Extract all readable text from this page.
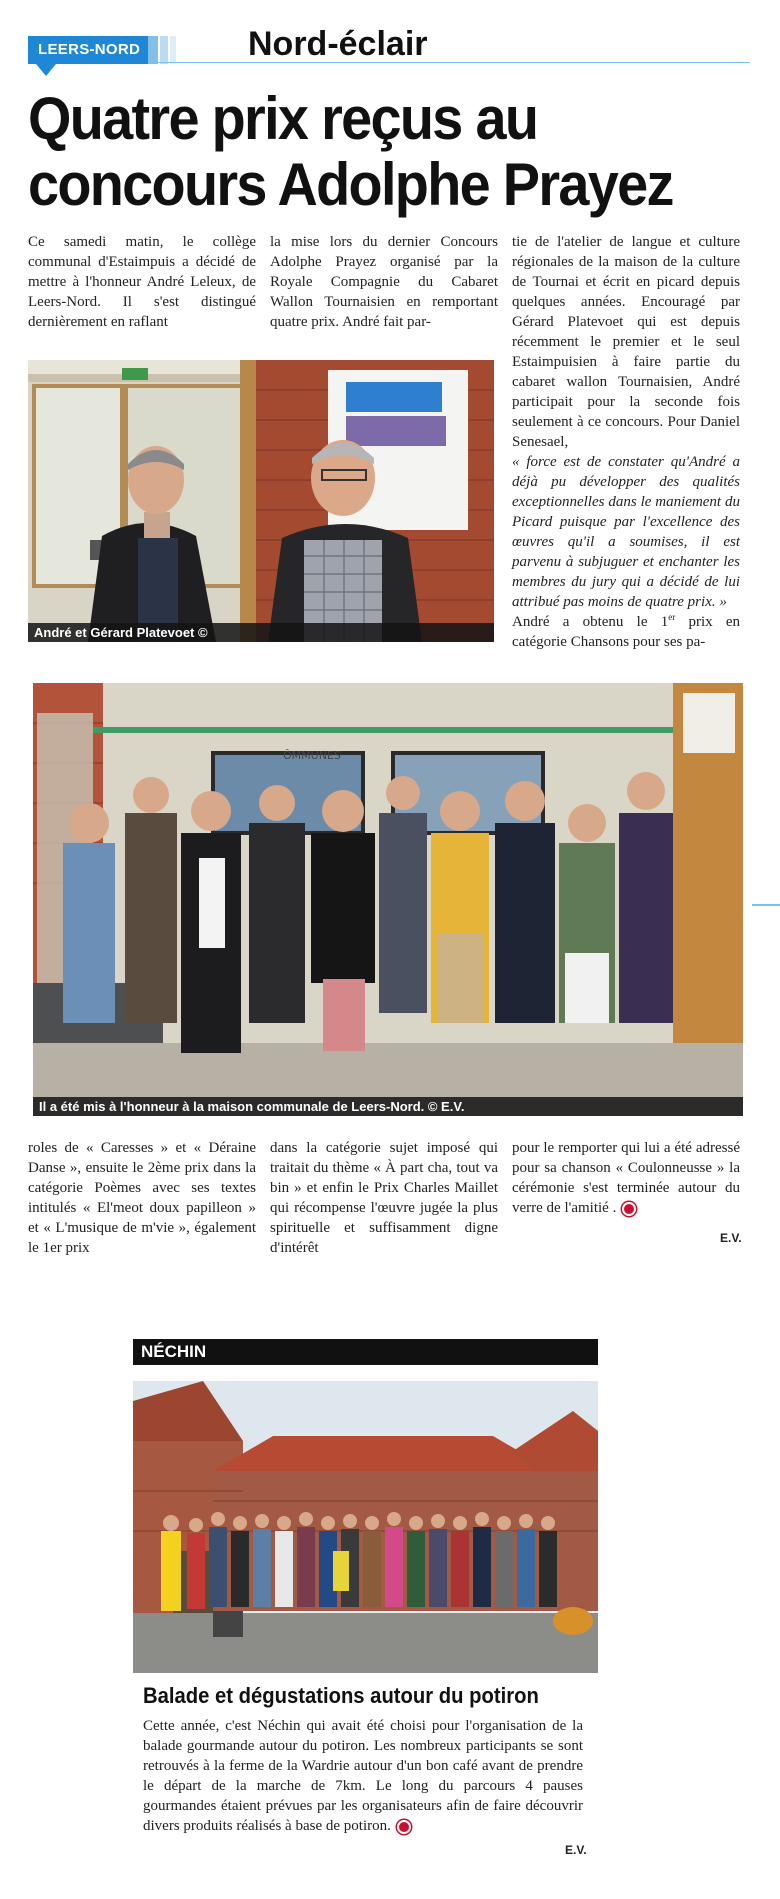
LEERS-NORD	Nord-éclair
Quatre prix reçus au concours Adolphe Prayez

Ce samedi matin, le collège communal d'Estaimpuis a décidé de mettre à l'honneur André Leleux, de Leers-Nord. Il s'est distingué dernièrement en raflant

la mise lors du dernier Concours Adolphe Prayez organisé par la Royale Compagnie du Cabaret Wallon Tournaisien en remportant quatre prix. André fait par-

tie de l'atelier de langue et culture régionales de la maison de la culture de Tournai et écrit en picard depuis quelques années. Encouragé par Gérard Platevoet qui est depuis récemment le premier et le seul Estaimpuisien à faire partie du cabaret wallon Tournaisien, André participait pour la seconde fois seulement à ce concours. Pour Daniel Senesael,

« force est de constater qu'André a déjà pu développer des qualités exceptionnelles dans le maniement du Picard puisque par l'excellence des œuvres qu'il a soumises, il est parvenu à subjuguer et enchanter les membres du jury qui a décidé de lui attribué pas moins de quatre prix. »

André a obtenu le 1er prix en catégorie Chansons pour ses pa-

André et Gérard Platevoet ©
ÔMMUNES
Il a été mis à l'honneur à la maison communale de Leers-Nord. © E.V.

roles de « Caresses » et « Déraine Danse », ensuite le 2ème prix dans la catégorie Poèmes avec ses textes intitulés « El'meot doux papilleon » et « L'musique de m'vie », également le 1er prix

dans la catégorie sujet imposé qui traitait du thème « À part cha, tout va bin » et enfin le Prix Charles Maillet qui récompense l'œuvre jugée la plus spirituelle et suffisamment digne d'intérêt

pour le remporter qui lui a été adressé pour sa chanson « Coulonneusse » la cérémonie s'est terminée autour du verre de l'amitié .

E.V.
NÉCHIN
Balade et dégustations autour du potiron

Cette année, c'est Néchin qui avait été choisi pour l'organisation de la balade gourmande autour du potiron. Les nombreux participants se sont retrouvés à la ferme de la Wardrie autour d'un bon café avant de prendre le départ de la marche de 7km. Le long du parcours 4 pauses gourmandes étaient prévues par les organisateurs afin de faire découvrir divers produits réalisés à base de potiron.

E.V.
